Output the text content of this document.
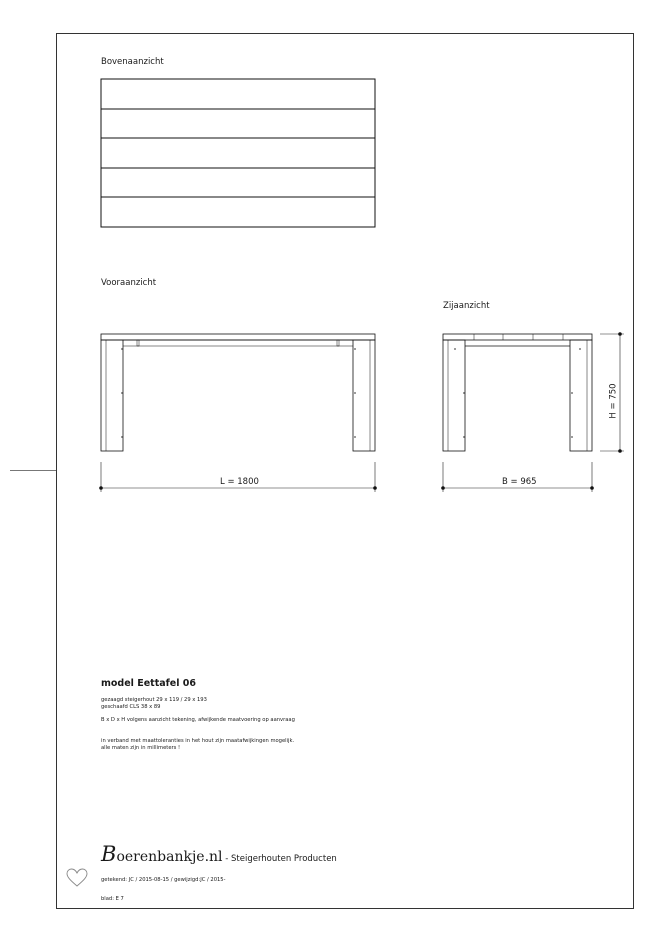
Bovenaanzicht
Vooraanzicht
Zijaanzicht
L = 1800	B = 965
H = 750
model Eettafel 06
gezaagd steigerhout 29 x 119 / 29 x 193
geschaafd CLS 38 x 89
B x D x H volgens aanzicht tekening, afwijkende maatvoering op aanvraag
in verband met maattoleranties in het hout zijn maatafwijkingen mogelijk.
alle maten zijn in millimeters !
Boerenbankje.nl - Steigerhouten Producten
getekend: JC / 2015-08-15 / gewijzigd:JC / 2015-
blad: E 7
